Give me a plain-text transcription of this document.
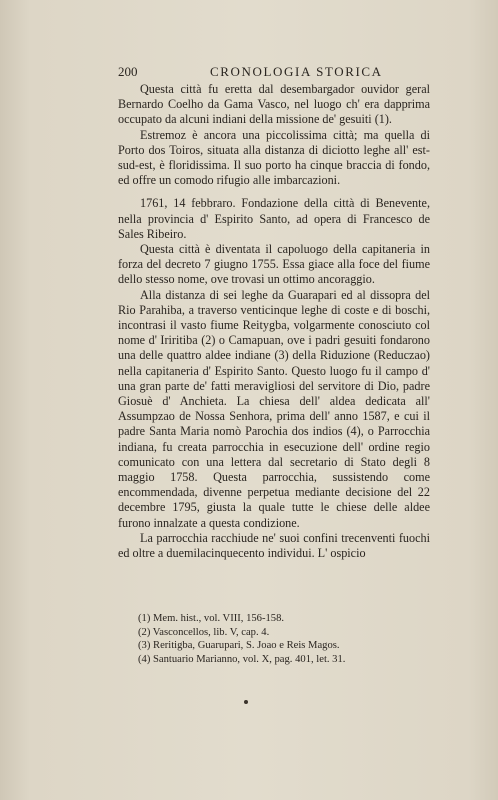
200	CRONOLOGIA STORICA

Questa città fu eretta dal desembargador ouvidor geral Bernardo Coelho da Gama Vasco, nel luogo ch' era dapprima occupato da alcuni indiani della missione de' gesuiti (1).

Estremoz è ancora una piccolissima città; ma quella di Porto dos Toiros, situata alla distanza di diciotto leghe all' est-sud-est, è floridissima. Il suo porto ha cinque braccia di fondo, ed offre un comodo rifugio alle imbarcazioni.

1761, 14 febbraro. Fondazione della città di Benevente, nella provincia d' Espirito Santo, ad opera di Francesco de Sales Ribeiro.

Questa città è diventata il capoluogo della capitaneria in forza del decreto 7 giugno 1755. Essa giace alla foce del fiume dello stesso nome, ove trovasi un ottimo ancoraggio.

Alla distanza di sei leghe da Guarapari ed al dissopra del Rio Parahiba, a traverso venticinque leghe di coste e di boschi, incontrasi il vasto fiume Reitygba, volgarmente conosciuto col nome d' Iriritiba (2) o Camapuan, ove i padri gesuiti fondarono una delle quattro aldee indiane (3) della Riduzione (Reduczao) nella capitaneria d' Espirito Santo. Questo luogo fu il campo d' una gran parte de' fatti meravigliosi del servitore di Dio, padre Giosuè d' Anchieta. La chiesa dell' aldea dedicata all' Assumpzao de Nossa Senhora, prima dell' anno 1587, e cui il padre Santa Maria nomò Parochia dos indios (4), o Parrocchia indiana, fu creata parrocchia in esecuzione dell' ordine regio comunicato con una lettera dal secretario di Stato degli 8 maggio 1758. Questa parrocchia, sussistendo come encommendada, divenne perpetua mediante decisione del 22 decembre 1795, giusta la quale tutte le chiese delle aldee furono innalzate a questa condizione.

La parrocchia racchiude ne' suoi confini trecenventi fuochi ed oltre a duemilacinquecento individui. L' ospicio

(1) Mem. hist., vol. VIII, 156-158.
(2) Vasconcellos, lib. V, cap. 4.
(3) Reritigba, Guarupari, S. Joao e Reis Magos.
(4) Santuario Marianno, vol. X, pag. 401, let. 31.
